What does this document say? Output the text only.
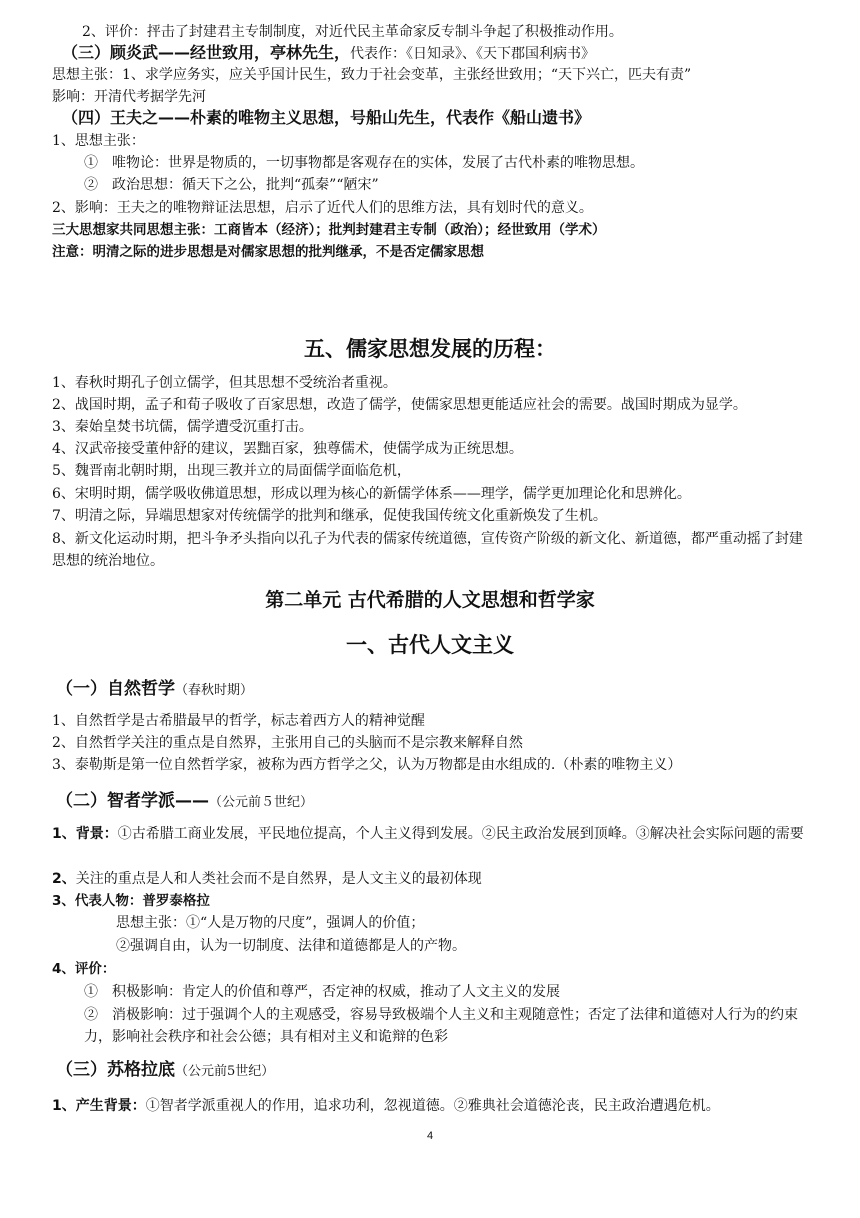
2、评价：抨击了封建君主专制制度，对近代民主革命家反专制斗争起了积极推动作用。
（三）顾炎武——经世致用，亭林先生，代表作：《日知录》、《天下郡国利病书》
思想主张：1、求学应务实，应关乎国计民生，致力于社会变革，主张经世致用；“天下兴亡，匹夫有责”
影响：开清代考据学先河
（四）王夫之——朴素的唯物主义思想，号船山先生，代表作《船山遗书》
1、思想主张：
①　唯物论：世界是物质的，一切事物都是客观存在的实体，发展了古代朴素的唯物思想。
②　政治思想：循天下之公，批判“孤秦”“陋宋”
2、影响：王夫之的唯物辩证法思想，启示了近代人们的思维方法，具有划时代的意义。
三大思想家共同思想主张：工商皆本（经济）；批判封建君主专制（政治）；经世致用（学术）
注意：明清之际的进步思想是对儒家思想的批判继承，不是否定儒家思想
五、儒家思想发展的历程：
1、春秋时期孔子创立儒学，但其思想不受统治者重视。
2、战国时期，孟子和荀子吸收了百家思想，改造了儒学，使儒家思想更能适应社会的需要。战国时期成为显学。
3、秦始皇焚书坑儒，儒学遭受沉重打击。
4、汉武帝接受董仲舒的建议，罢黜百家，独尊儒术，使儒学成为正统思想。
5、魏晋南北朝时期，出现三教并立的局面儒学面临危机，
6、宋明时期，儒学吸收佛道思想，形成以理为核心的新儒学体系——理学，儒学更加理论化和思辨化。
7、明清之际，异端思想家对传统儒学的批判和继承，促使我国传统文化重新焕发了生机。
8、新文化运动时期，把斗争矛头指向以孔子为代表的儒家传统道德，宣传资产阶级的新文化、新道德，都严重动摇了封建思想的统治地位。
第二单元 古代希腊的人文思想和哲学家
一、古代人文主义
（一）自然哲学（春秋时期）
1、自然哲学是古希腊最早的哲学，标志着西方人的精神觉醒
2、自然哲学关注的重点是自然界，主张用自己的头脑而不是宗教来解释自然
3、泰勒斯是第一位自然哲学家，被称为西方哲学之父，认为万物都是由水组成的.（朴素的唯物主义）
（二）智者学派——（公元前５世纪）
1、背景：①古希腊工商业发展，平民地位提高，个人主义得到发展。②民主政治发展到顶峰。③解决社会实际问题的需要
2、关注的重点是人和人类社会而不是自然界，是人文主义的最初体现
3、代表人物：普罗泰格拉
思想主张：①“人是万物的尺度”，强调人的价值；
②强调自由，认为一切制度、法律和道德都是人的产物。
4、评价：
①　积极影响：肯定人的价值和尊严，否定神的权威，推动了人文主义的发展
②　消极影响：过于强调个人的主观感受，容易导致极端个人主义和主观随意性；否定了法律和道德对人行为的约束力，影响社会秩序和社会公德；具有相对主义和诡辩的色彩
（三）苏格拉底（公元前5世纪）
1、产生背景：①智者学派重视人的作用，追求功利，忽视道德。②雅典社会道德沦丧，民主政治遭遇危机。
4
